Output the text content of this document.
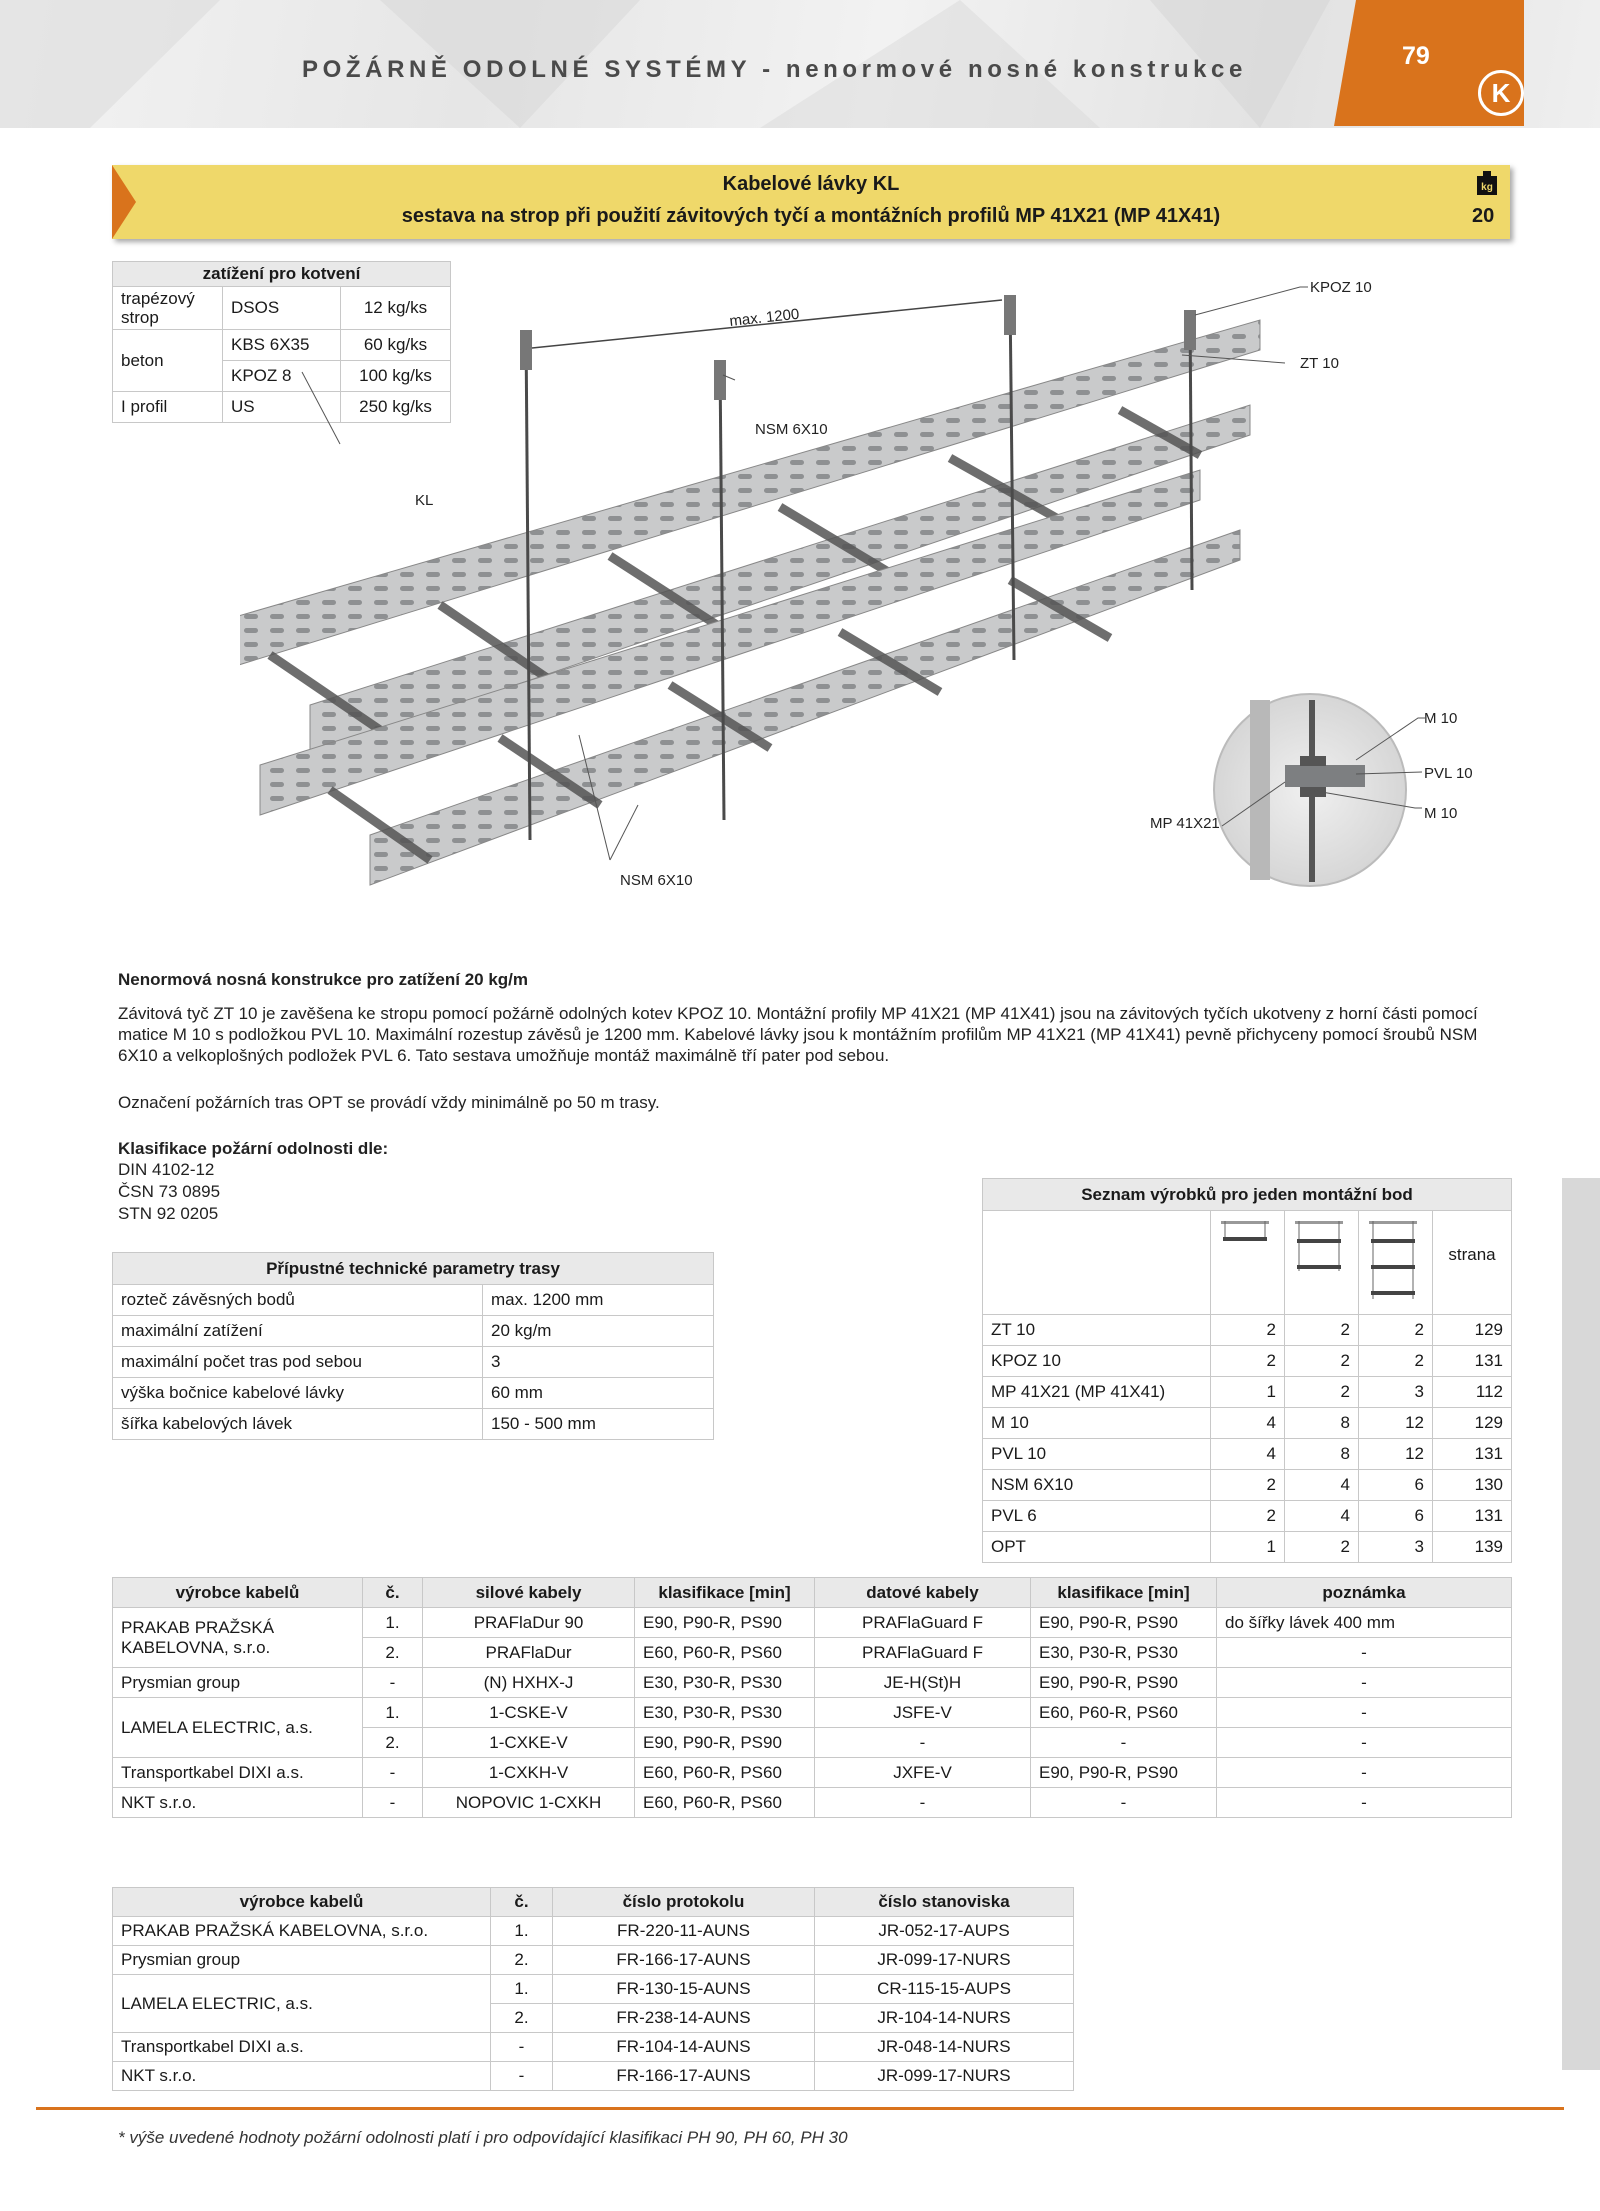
POŽÁRNĚ ODOLNÉ SYSTÉMY - nenormové nosné konstrukce	79
K
Kabelové lávky KL
sestava na strop při použití závitových tyčí a montážních profilů MP 41X21 (MP 41X41)
kg
20
zatížení pro kotvení		
trapézový strop	DSOS	12 kg/ks
beton	KBS 6X35	60 kg/ks
	KPOZ 8	100 kg/ks
I profil	US	250 kg/ks
max. 1200
KPOZ 10
ZT 10
NSM 6X10
KL
M 10
PVL 10
M 10
MP 41X21
NSM 6X10
Nenormová nosná konstrukce pro zatížení 20 kg/m
Závitová tyč ZT 10 je zavěšena ke stropu pomocí požárně odolných kotev KPOZ 10. Montážní profily MP 41X21 (MP 41X41) jsou na závitových tyčích ukotveny z horní části pomocí matice M 10 s podložkou PVL 10. Maximální rozestup závěsů je 1200 mm. Kabelové lávky jsou k montážním profilům MP 41X21 (MP 41X41) pevně přichyceny pomocí šroubů NSM 6X10 a velkoplošných podložek PVL 6. Tato sestava umožňuje montáž maximálně tří pater pod sebou.
Označení požárních tras OPT se provádí vždy minimálně po 50 m trasy.
Klasifikace požární odolnosti dle:
DIN 4102-12
ČSN 73 0895
STN 92 0205
Přípustné technické parametry trasy	
rozteč závěsných bodů	max. 1200 mm
maximální zatížení	20 kg/m
maximální počet tras pod sebou	3
výška bočnice kabelové lávky	60 mm
šířka kabelových lávek	150 - 500 mm
Seznam výrobků pro jeden montážní bod				
				strana
ZT 10	2	2	2	129
KPOZ 10	2	2	2	131
MP 41X21 (MP 41X41)	1	2	3	112
M 10	4	8	12	129
PVL 10	4	8	12	131
NSM 6X10	2	4	6	130
PVL 6	2	4	6	131
OPT	1	2	3	139
výrobce kabelů	č.	silové kabely	klasifikace [min]	datové kabely	klasifikace [min]	poznámka
PRAKAB PRAŽSKÁ KABELOVNA, s.r.o.	1.	PRAFlaDur 90	E90, P90-R, PS90	PRAFlaGuard F	E90, P90-R, PS90	do šířky lávek 400 mm
	2.	PRAFlaDur	E60, P60-R, PS60	PRAFlaGuard F	E30, P30-R, PS30	-
Prysmian group	-	(N) HXHX-J	E30, P30-R, PS30	JE-H(St)H	E90, P90-R, PS90	-
LAMELA ELECTRIC, a.s.	1.	1-CSKE-V	E30, P30-R, PS30	JSFE-V	E60, P60-R, PS60	-
	2.	1-CXKE-V	E90, P90-R, PS90	-	-	-
Transportkabel DIXI a.s.	-	1-CXKH-V	E60, P60-R, PS60	JXFE-V	E90, P90-R, PS90	-
NKT s.r.o.	-	NOPOVIC 1-CXKH	E60, P60-R, PS60	-	-	-
výrobce kabelů	č.	číslo protokolu	číslo stanoviska
PRAKAB PRAŽSKÁ KABELOVNA, s.r.o.	1.	FR-220-11-AUNS	JR-052-17-AUPS
Prysmian group	2.	FR-166-17-AUNS	JR-099-17-NURS
LAMELA ELECTRIC, a.s.	1.	FR-130-15-AUNS	CR-115-15-AUPS
	2.	FR-238-14-AUNS	JR-104-14-NURS
Transportkabel DIXI a.s.	-	FR-104-14-AUNS	JR-048-14-NURS
NKT s.r.o.	-	FR-166-17-AUNS	JR-099-17-NURS
* výše uvedené hodnoty požární odolnosti platí i pro odpovídající klasifikaci PH 90, PH 60, PH 30
